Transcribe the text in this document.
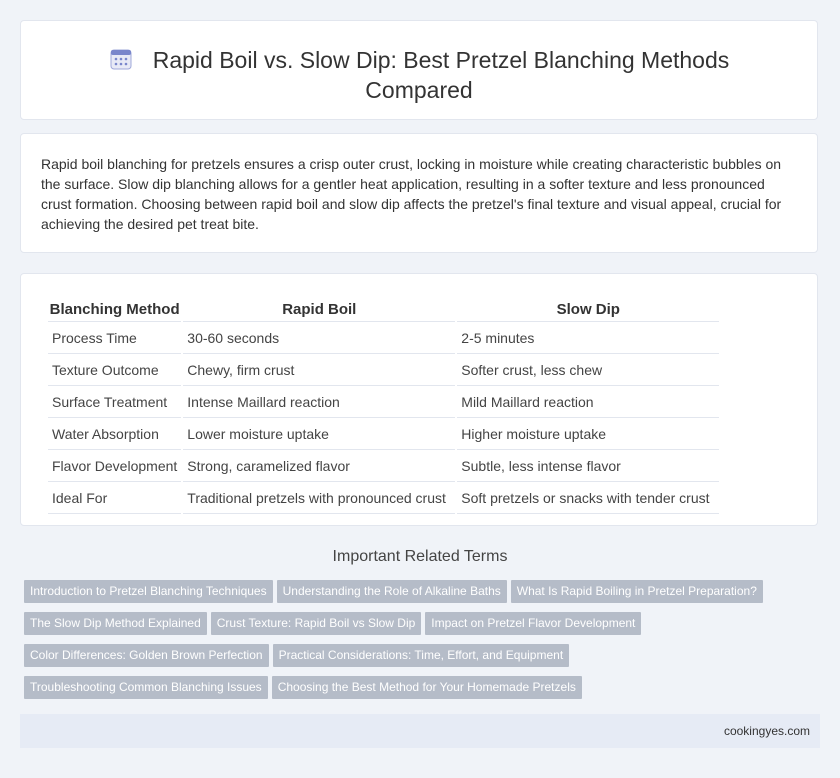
Rapid Boil vs. Slow Dip: Best Pretzel Blanching Methods Compared
Rapid boil blanching for pretzels ensures a crisp outer crust, locking in moisture while creating characteristic bubbles on the surface. Slow dip blanching allows for a gentler heat application, resulting in a softer texture and less pronounced crust formation. Choosing between rapid boil and slow dip affects the pretzel's final texture and visual appeal, crucial for achieving the desired pet treat bite.
Blanching Method	Rapid Boil	Slow Dip
Process Time	30-60 seconds	2-5 minutes
Texture Outcome	Chewy, firm crust	Softer crust, less chew
Surface Treatment	Intense Maillard reaction	Mild Maillard reaction
Water Absorption	Lower moisture uptake	Higher moisture uptake
Flavor Development	Strong, caramelized flavor	Subtle, less intense flavor
Ideal For	Traditional pretzels with pronounced crust	Soft pretzels or snacks with tender crust
Important Related Terms
Introduction to Pretzel Blanching Techniques Understanding the Role of Alkaline Baths What Is Rapid Boiling in Pretzel Preparation?
The Slow Dip Method Explained Crust Texture: Rapid Boil vs Slow Dip Impact on Pretzel Flavor Development
Color Differences: Golden Brown Perfection Practical Considerations: Time, Effort, and Equipment
Troubleshooting Common Blanching Issues Choosing the Best Method for Your Homemade Pretzels
cookingyes.com
